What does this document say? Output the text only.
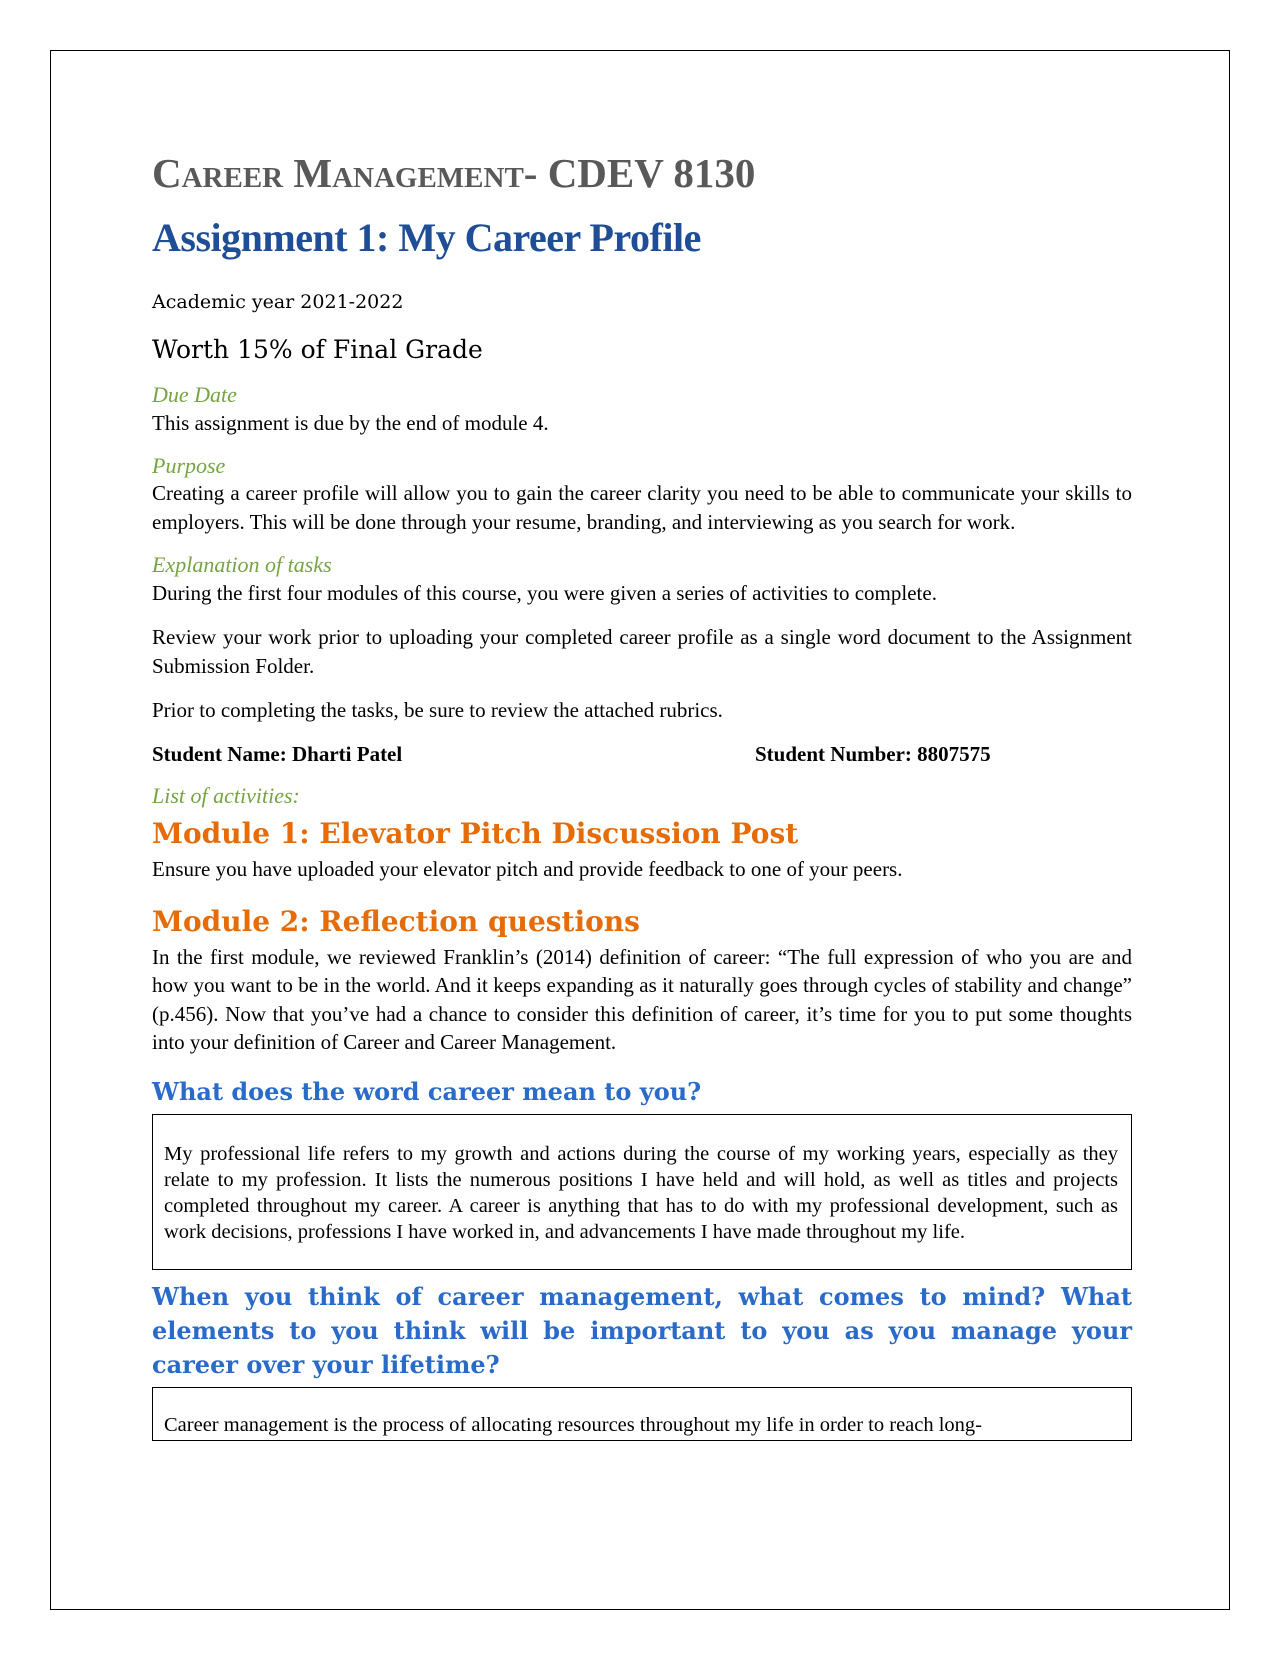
Career Management- CDEV 8130
Assignment 1: My Career Profile

Academic year 2021-2022

Worth 15% of Final Grade

Due Date

This assignment is due by the end of module 4.

Purpose

Creating a career profile will allow you to gain the career clarity you need to be able to communicate your skills to employers. This will be done through your resume, branding, and interviewing as you search for work.

Explanation of tasks

During the first four modules of this course, you were given a series of activities to complete.

Review your work prior to uploading your completed career profile as a single word document to the Assignment Submission Folder.

Prior to completing the tasks, be sure to review the attached rubrics.

Student Name: Dharti Patel	Student Number: 8807575
List of activities:
Module 1: Elevator Pitch Discussion Post

Ensure you have uploaded your elevator pitch and provide feedback to one of your peers.

Module 2: Reflection questions

In the first module, we reviewed Franklin’s (2014) definition of career: “The full expression of who you are and how you want to be in the world. And it keeps expanding as it naturally goes through cycles of stability and change” (p.456). Now that you’ve had a chance to consider this definition of career, it’s time for you to put some thoughts into your definition of Career and Career Management.

What does the word career mean to you?

My professional life refers to my growth and actions during the course of my working years, especially as they relate to my profession. It lists the numerous positions I have held and will hold, as well as titles and projects completed throughout my career. A career is anything that has to do with my professional development, such as work decisions, professions I have worked in, and advancements I have made throughout my life.

When you think of career management, what comes to mind? What elements to you think will be important to you as you manage your career over your lifetime?

Career management is the process of allocating resources throughout my life in order to reach long-
